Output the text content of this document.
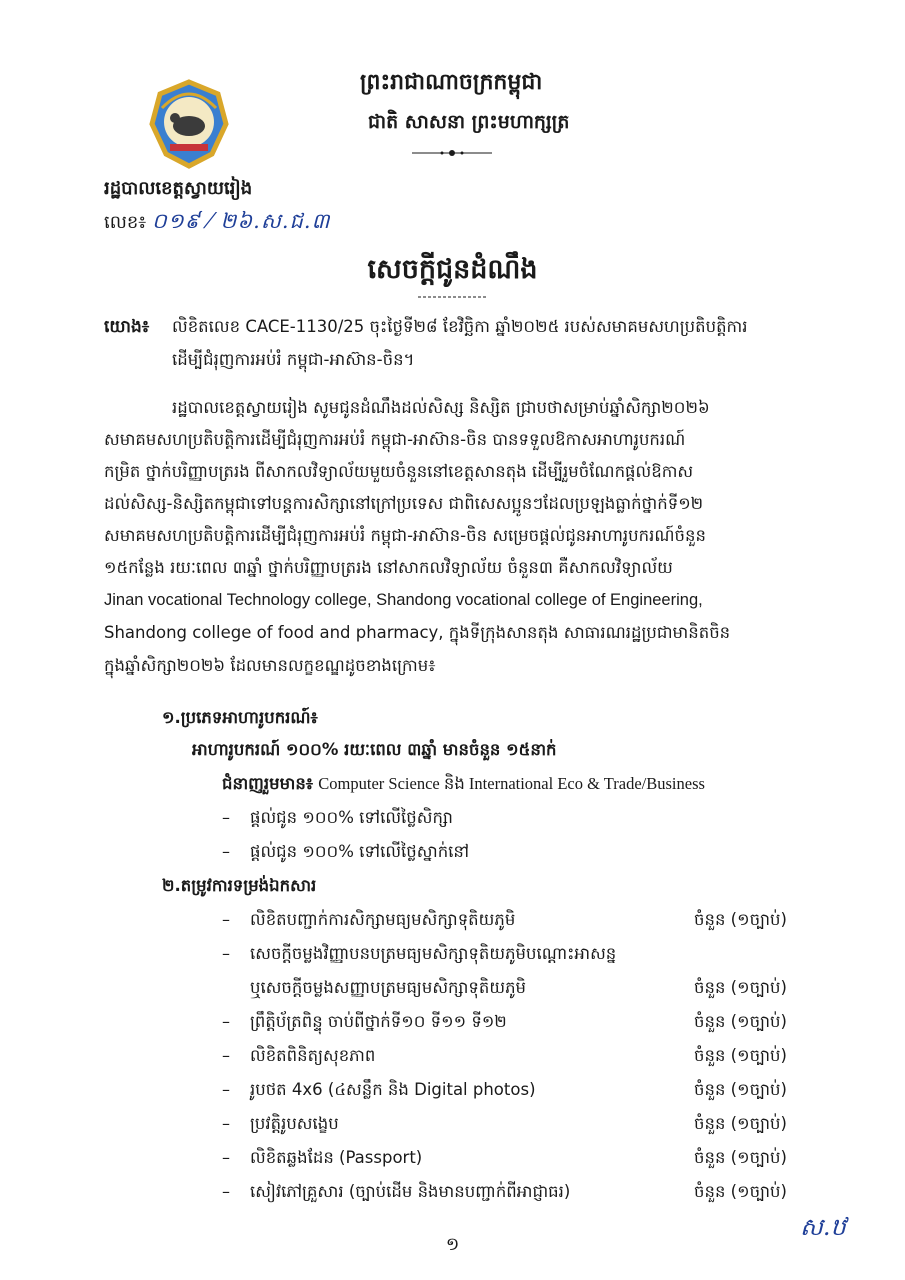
ព្រះរាជាណាចក្រកម្ពុជា
ជាតិ សាសនា ព្រះមហាក្សត្រ
រដ្ឋបាលខេត្តស្វាយរៀង
លេខ៖ ០១៩ ⁄ ២៦.ស.ជ.៣
សេចក្តីជូនដំណឹង
យោង៖ លិខិតលេខ CACE-1130/25 ចុះថ្ងៃទី២៨ ខែវិច្ឆិកា ឆ្នាំ២០២៥ របស់សមាគមសហប្រតិបត្តិការ
ដើម្បីជំរុញការអប់រំ កម្ពុជា-អាស៊ាន-ចិន។
រដ្ឋបាលខេត្តស្វាយរៀង សូមជូនដំណឹងដល់សិស្ស និស្សិត ជ្រាបថាសម្រាប់ឆ្នាំសិក្សា២០២៦
សមាគមសហប្រតិបត្តិការដើម្បីជំរុញការអប់រំ កម្ពុជា-អាស៊ាន-ចិន បានទទួលឱកាសអាហារូបករណ៍
កម្រិត ថ្នាក់បរិញ្ញាបត្ររង ពីសាកលវិទ្យាល័យមួយចំនួននៅខេត្តសានតុង ដើម្បីរួមចំណែកផ្តល់ឱកាស
ដល់សិស្ស-និស្សិតកម្ពុជាទៅបន្តការសិក្សានៅក្រៅប្រទេស ជាពិសេសប្អូនៗដែលប្រឡងធ្លាក់ថ្នាក់ទី១២
សមាគមសហប្រតិបត្តិការដើម្បីជំរុញការអប់រំ កម្ពុជា-អាស៊ាន-ចិន សម្រេចផ្តល់ជូនអាហារូបករណ៍ចំនួន
១៥កន្លែង រយៈពេល ៣ឆ្នាំ ថ្នាក់បរិញ្ញាបត្ររង នៅសាកលវិទ្យាល័យ ចំនួន៣ គឺសាកលវិទ្យាល័យ
Jinan vocational Technology college, Shandong vocational college of Engineering,
Shandong college of food and pharmacy, ក្នុងទីក្រុងសានតុង សាធារណរដ្ឋប្រជាមានិតចិន
ក្នុងឆ្នាំសិក្សា២០២៦ ដែលមានលក្ខខណ្ឌដូចខាងក្រោម៖
១.ប្រភេទអាហារូបករណ៍៖
អាហារូបករណ៍ ១០០% រយៈពេល ៣ឆ្នាំ មានចំនួន ១៥នាក់
ជំនាញរួមមាន៖ Computer Science និង International Eco & Trade/Business
– ផ្តល់ជូន ១០០% ទៅលើថ្លៃសិក្សា
– ផ្តល់ជូន ១០០% ទៅលើថ្លៃស្នាក់នៅ
២.តម្រូវការទម្រង់ឯកសារ
– លិខិតបញ្ជាក់ការសិក្សាមធ្យមសិក្សាទុតិយភូមិ	ចំនួន (១ច្បាប់)
– សេចក្តីចម្លងវិញ្ញាបនបត្រមធ្យមសិក្សាទុតិយភូមិបណ្តោះអាសន្ន
ឬសេចក្តីចម្លងសញ្ញាបត្រមធ្យមសិក្សាទុតិយភូមិ	ចំនួន (១ច្បាប់)
– ព្រឹត្តិប័ត្រពិន្ទុ ចាប់ពីថ្នាក់ទី១០ ទី១១ ទី១២	ចំនួន (១ច្បាប់)
– លិខិតពិនិត្យសុខភាព	ចំនួន (១ច្បាប់)
– រូបថត 4x6 (៤សន្លឹក និង Digital photos)	ចំនួន (១ច្បាប់)
– ប្រវត្តិរូបសង្ខេប	ចំនួន (១ច្បាប់)
– លិខិតឆ្លងដែន (Passport)	ចំនួន (១ច្បាប់)
– សៀវភៅគ្រួសារ (ច្បាប់ដើម និងមានបញ្ជាក់ពីអាជ្ញាធរ)	ចំនួន (១ច្បាប់)
ស.ឋ
១
